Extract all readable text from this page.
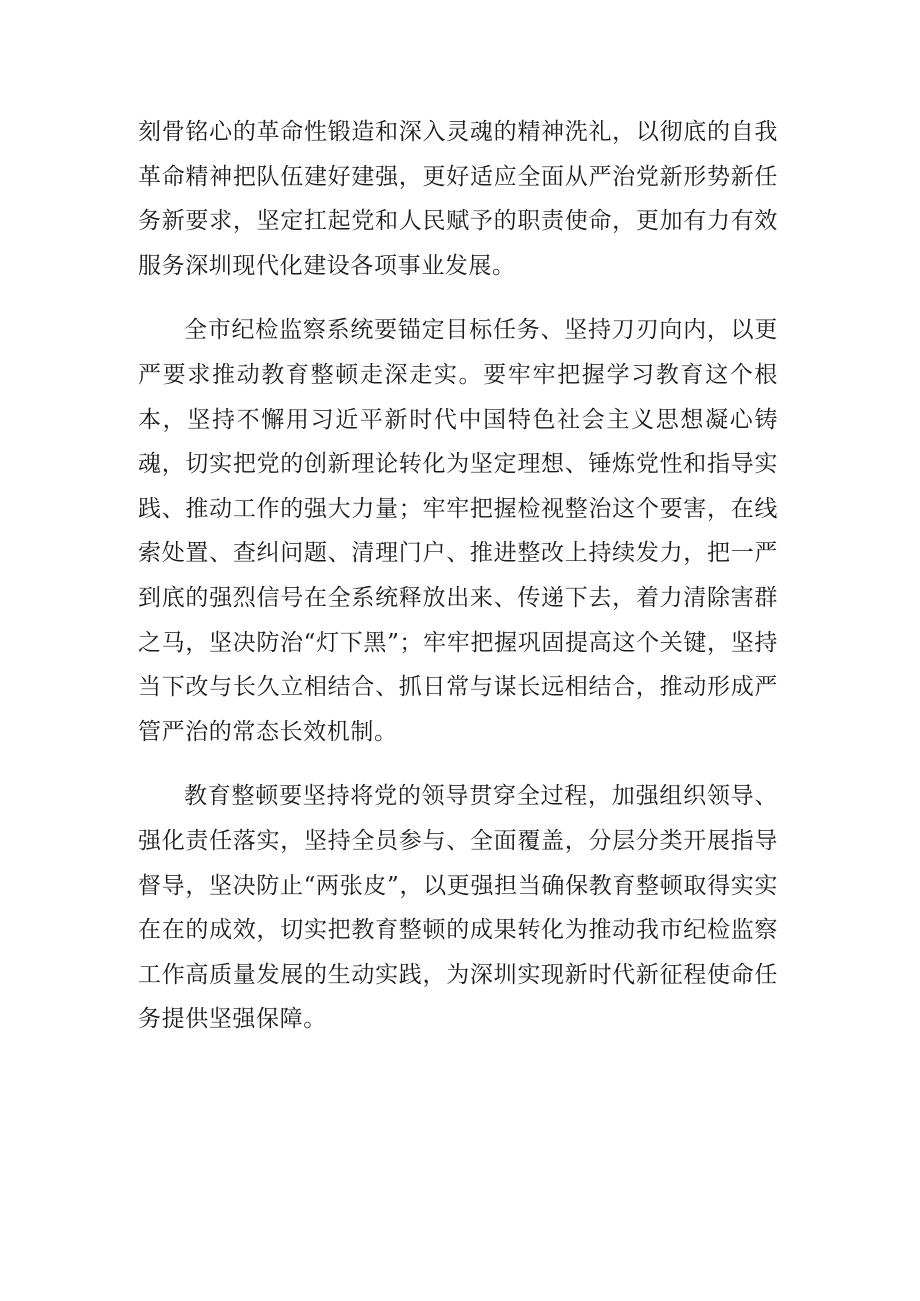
刻骨铭心的革命性锻造和深入灵魂的精神洗礼，以彻底的自我革命精神把队伍建好建强，更好适应全面从严治党新形势新任务新要求，坚定扛起党和人民赋予的职责使命，更加有力有效服务深圳现代化建设各项事业发展。

全市纪检监察系统要锚定目标任务、坚持刀刃向内，以更严要求推动教育整顿走深走实。要牢牢把握学习教育这个根本，坚持不懈用习近平新时代中国特色社会主义思想凝心铸魂，切实把党的创新理论转化为坚定理想、锤炼党性和指导实践、推动工作的强大力量；牢牢把握检视整治这个要害，在线索处置、查纠问题、清理门户、推进整改上持续发力，把一严到底的强烈信号在全系统释放出来、传递下去，着力清除害群之马，坚决防治“灯下黑”；牢牢把握巩固提高这个关键，坚持当下改与长久立相结合、抓日常与谋长远相结合，推动形成严管严治的常态长效机制。

教育整顿要坚持将党的领导贯穿全过程，加强组织领导、强化责任落实，坚持全员参与、全面覆盖，分层分类开展指导督导，坚决防止“两张皮”，以更强担当确保教育整顿取得实实在在的成效，切实把教育整顿的成果转化为推动我市纪检监察工作高质量发展的生动实践，为深圳实现新时代新征程使命任务提供坚强保障。
